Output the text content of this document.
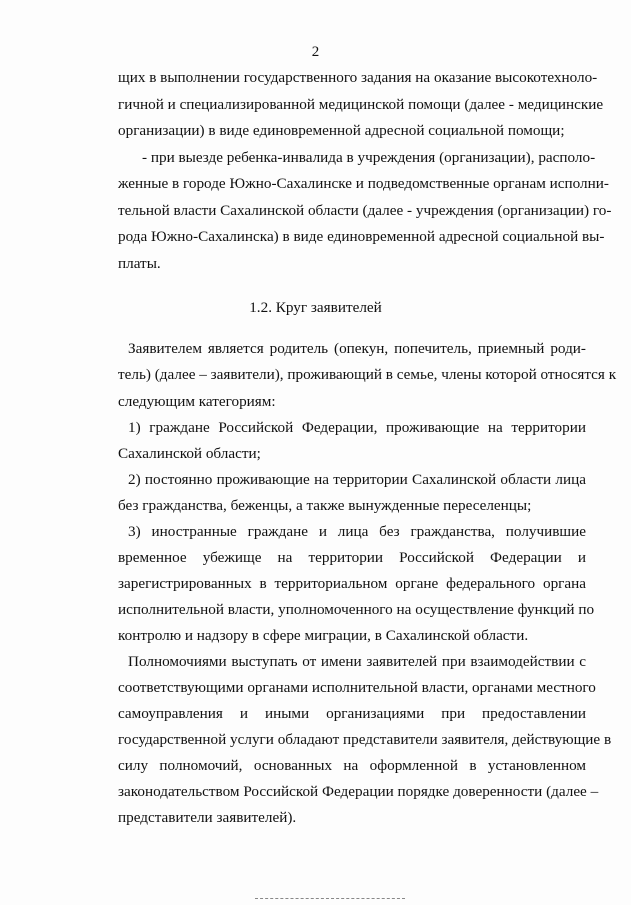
2
щих в выполнении государственного задания на оказание высокотехноло-
гичной и специализированной медицинской помощи (далее - медицинские
организации) в виде единовременной адресной социальной помощи;
- при выезде ребенка-инвалида в учреждения (организации), располо-
женные в городе Южно-Сахалинске и подведомственные органам исполни-
тельной власти Сахалинской области (далее - учреждения (организации) го-
рода Южно-Сахалинска) в виде единовременной адресной социальной вы-
платы.
1.2. Круг заявителей
Заявителем является родитель (опекун, попечитель, приемный роди-
тель) (далее – заявители), проживающий в семье, члены которой относятся к
следующим категориям:
1) граждане Российской Федерации, проживающие на территории
Сахалинской области;
2) постоянно проживающие на территории Сахалинской области лица
без гражданства, беженцы, а также вынужденные переселенцы;
3) иностранные граждане и лица без гражданства, получившие
временное убежище на территории Российской Федерации и
зарегистрированных в территориальном органе федерального органа
исполнительной власти, уполномоченного на осуществление функций по
контролю и надзору в сфере миграции, в Сахалинской области.
Полномочиями выступать от имени заявителей при взаимодействии с
соответствующими органами исполнительной власти, органами местного
самоуправления и иными организациями при предоставлении
государственной услуги обладают представители заявителя, действующие в
силу полномочий, основанных на оформленной в установленном
законодательством Российской Федерации порядке доверенности (далее –
представители заявителей).
